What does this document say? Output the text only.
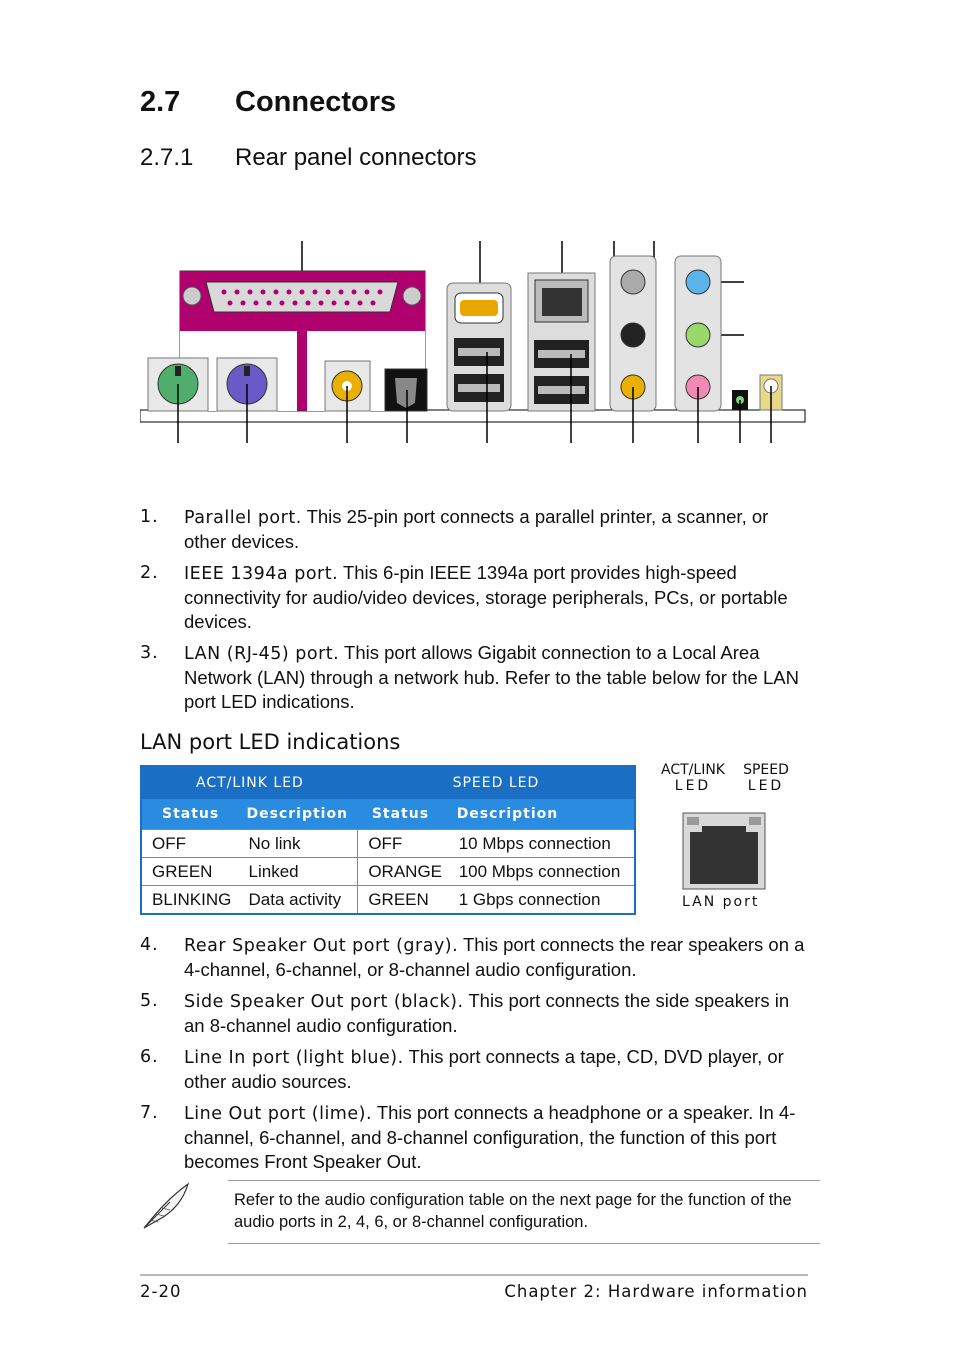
2.7 Connectors
2.7.1 Rear panel connectors
1. Parallel port. This 25-pin port connects a parallel printer, a scanner, or other devices.
2. IEEE 1394a port. This 6-pin IEEE 1394a port provides high-speed connectivity for audio/video devices, storage peripherals, PCs, or portable devices.
3. LAN (RJ-45) port. This port allows Gigabit connection to a Local Area Network (LAN) through a network hub. Refer to the table below for the LAN port LED indications.
LAN port LED indications
ACT/LINK LED		SPEED LED	
Status	Description	Status	Description
OFF	No link	OFF	10 Mbps connection
GREEN	Linked	ORANGE	100 Mbps connection
BLINKING	Data activity	GREEN	1 Gbps connection
ACT/LINK
LED
SPEED
LED
LAN port
4. Rear Speaker Out port (gray). This port connects the rear speakers on a 4-channel, 6-channel, or 8-channel audio configuration.
5. Side Speaker Out port (black). This port connects the side speakers in an 8-channel audio configuration.
6. Line In port (light blue). This port connects a tape, CD, DVD player, or other audio sources.
7. Line Out port (lime). This port connects a headphone or a speaker. In 4-channel, 6-channel, and 8-channel configuration, the function of this port becomes Front Speaker Out.
Refer to the audio configuration table on the next page for the function of the audio ports in 2, 4, 6, or 8-channel configuration.
2-20	Chapter 2: Hardware information
